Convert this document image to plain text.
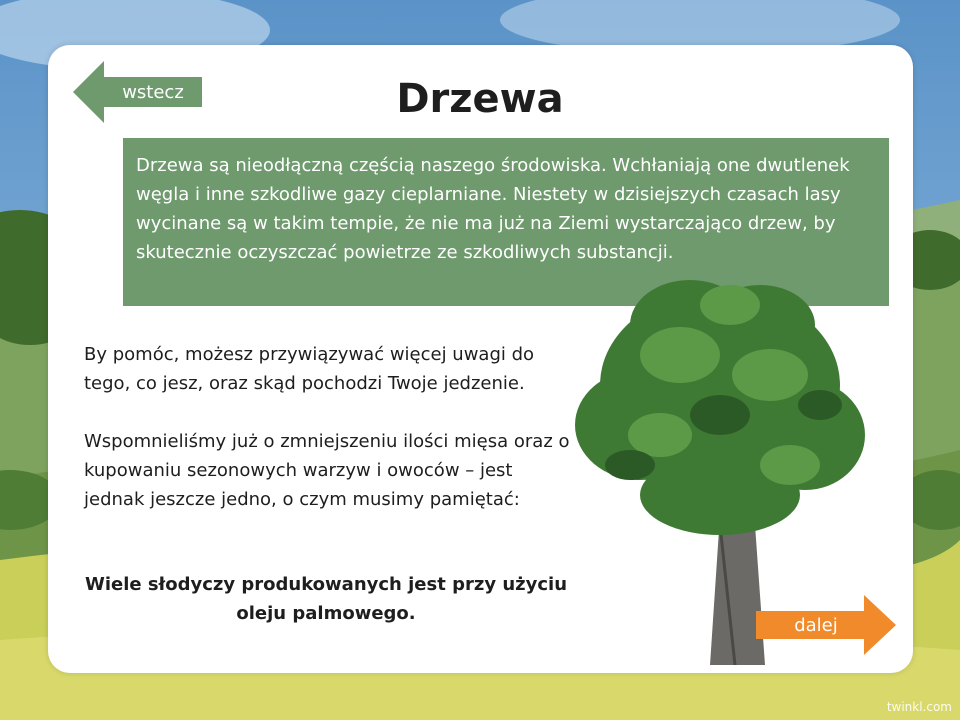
Drzewa
wstecz
Drzewa są nieodłączną częścią naszego środowiska. Wchłaniają one dwutlenek węgla i inne szkodliwe gazy cieplarniane. Niestety w dzisiejszych czasach lasy wycinane są w takim tempie, że nie ma już na Ziemi wystarczająco drzew, by skutecznie oczyszczać powietrze ze szkodliwych substancji.

By pomóc, możesz przywiązywać więcej uwagi do tego, co jesz, oraz skąd pochodzi Twoje jedzenie.

Wspomnieliśmy już o zmniejszeniu ilości mięsa oraz o kupowaniu sezonowych warzyw i owoców – jest jednak jeszcze jedno, o czym musimy pamiętać:

Wiele słodyczy produkowanych jest przy użyciu oleju palmowego.
dalej
twinkl.com
